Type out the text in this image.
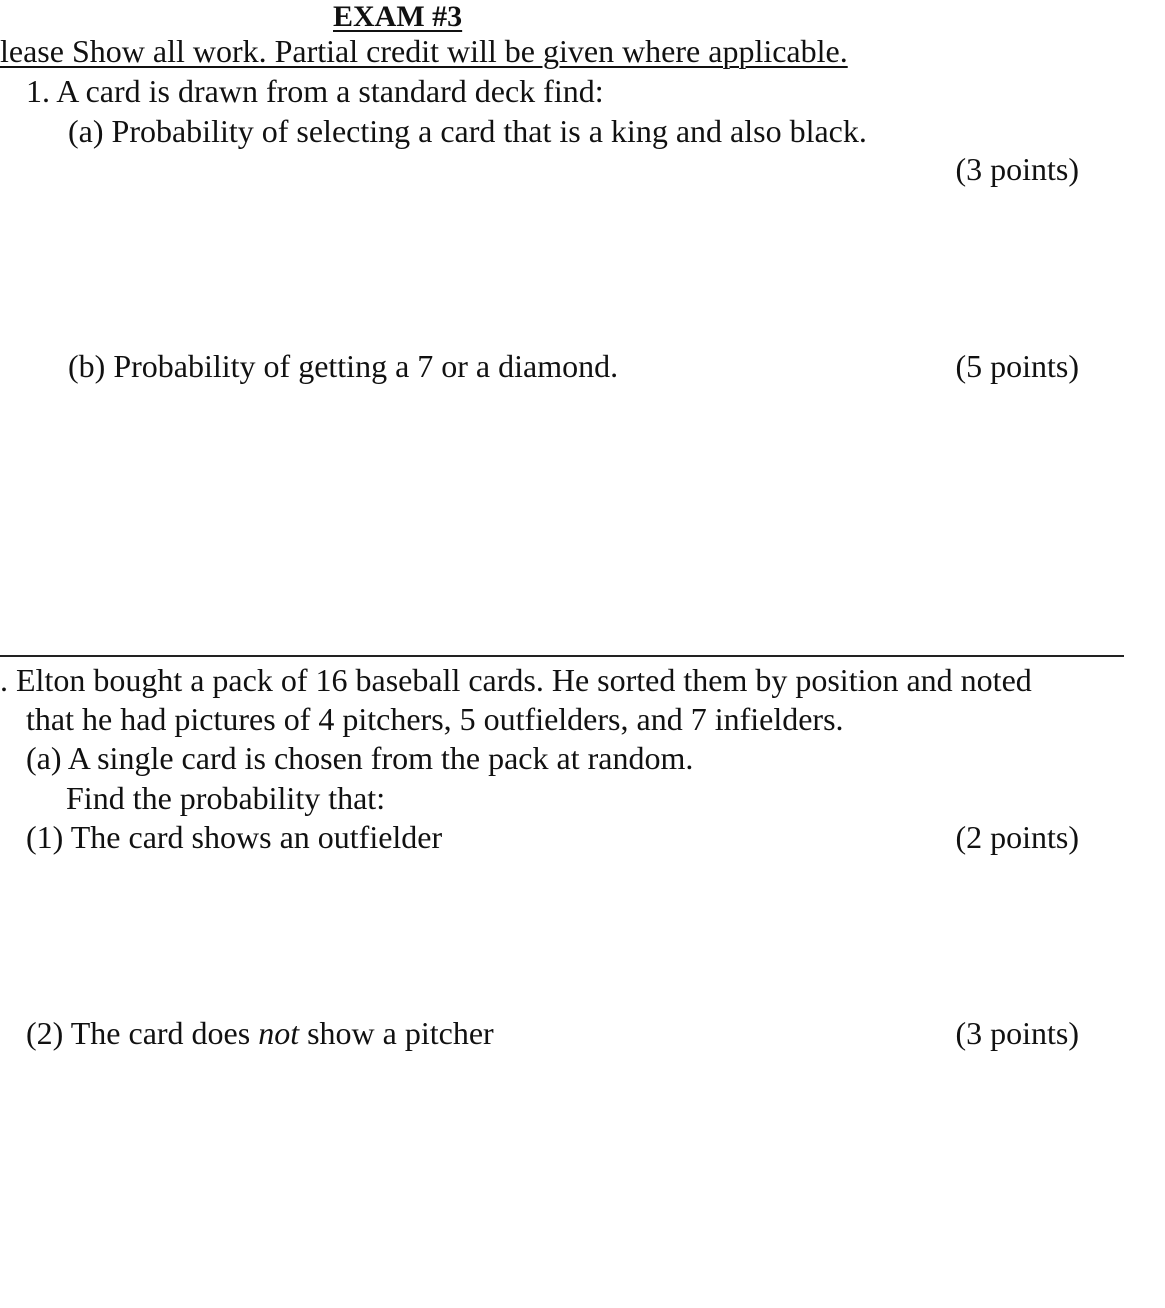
EXAM #3
lease Show all work. Partial credit will be given where applicable.
1. A card is drawn from a standard deck find:
(a) Probability of selecting a card that is a king and also black.
(3 points)
(b) Probability of getting a 7 or a diamond.	(5 points)
. Elton bought a pack of 16 baseball cards. He sorted them by position and noted
that he had pictures of 4 pitchers, 5 outfielders, and 7 infielders.
(a) A single card is chosen from the pack at random.
Find the probability that:
(1) The card shows an outfielder	(2 points)
(2) The card does not show a pitcher	(3 points)
